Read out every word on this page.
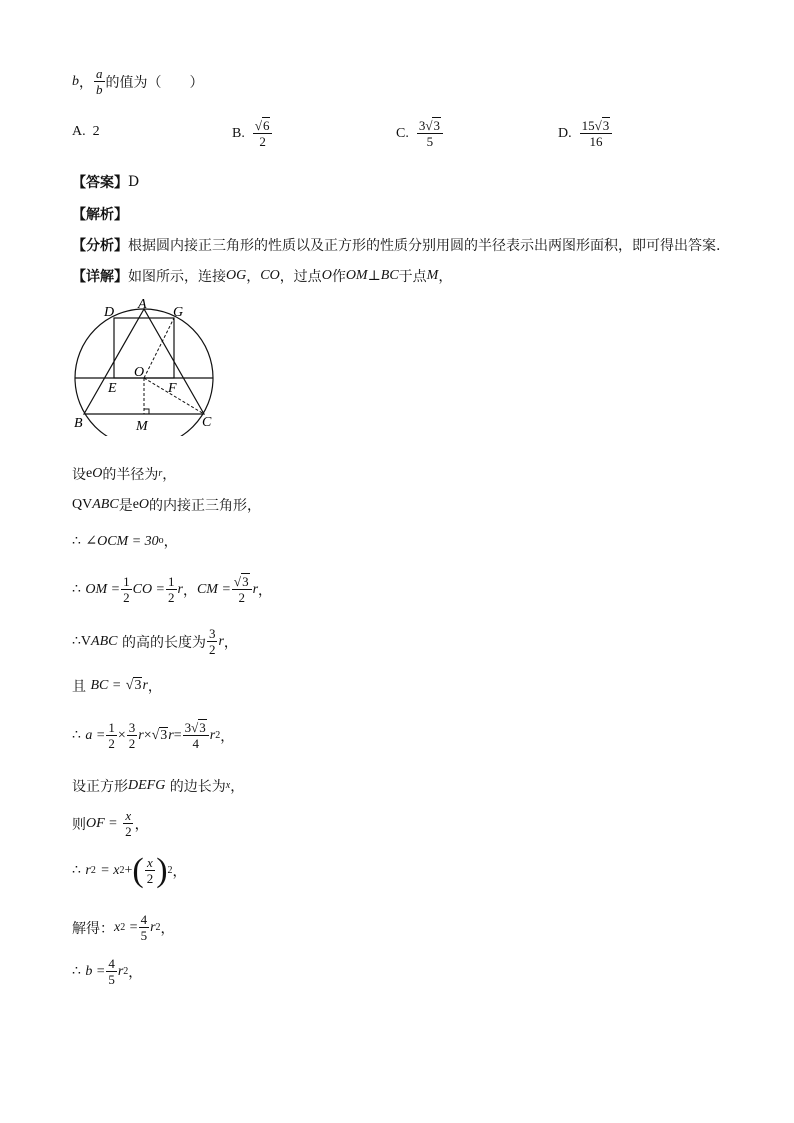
b ， $\frac{a}{b}$ 的值为（　　）
A.
2	B.
$\frac{√6}{2}$	C.
$\frac{3√3}{5}$	D.
$\frac{15√3}{16}$
【答案】 D
【解析】
【分析】 根据圆内接正三角形的性质以及正方形的性质分别用圆的半径表示出两图形面积，即可得出答案.
【详解】 如图所示，连接 OG ， CO ，过点 O 作 OM ⊥ BC 于点 M ，
A
D	G
O
E	F
B	M	C
设 e O 的半径为 r ，
Q V ABC 是 e O 的内接正三角形，
∴
∠OCM = 30 o ，
∴
OM = $\frac{1}{2}$ CO = $\frac{1}{2}$ r ， CM = $\frac{√3}{2}$ r ，
∴ V ABC
的高的长度为 $\frac{3}{2}$ r ，
且
BC =
√3 r ，
∴
$a = \frac{1}{2} \times \frac{3}{2}$ r × √3 $r = \frac{3√3}{4}$ r 2 ，
设正方形 DEFG
的边长为 x ，
则 OF =
$\frac{x}{2}$ ，
∴
r 2
= x 2 + ( $\frac{x}{2}$ ) 2 ，
解得： x 2
= $\frac{4}{5}$ r 2 ，
∴
$b = \frac{4}{5}$ r 2 ，
